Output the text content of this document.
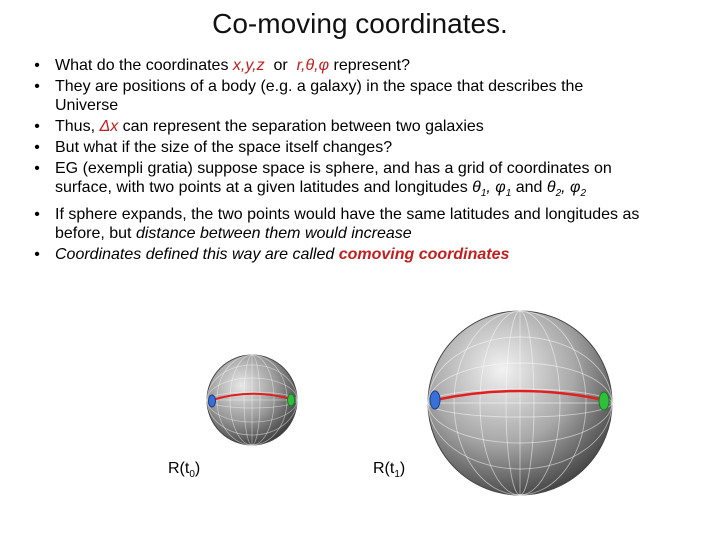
Co-moving coordinates.
• What do the coordinates x,y,z  or  r,θ,φ represent?
• They are positions of a body (e.g. a galaxy) in the space that describes the Universe
• Thus, Δx can represent the separation between two galaxies
• But what if the size of the space itself changes?
• EG (exempli gratia) suppose space is sphere, and has a grid of coordinates on surface, with two points at a given latitudes and longitudes $\theta_1$, $\varphi_1$ and $\theta_2$, $\varphi_2$
• If sphere expands, the two points would have the same latitudes and longitudes as before, but distance between them would increase
• Coordinates defined this way are called comoving coordinates
$R(t_0)$	$R(t_1)$
